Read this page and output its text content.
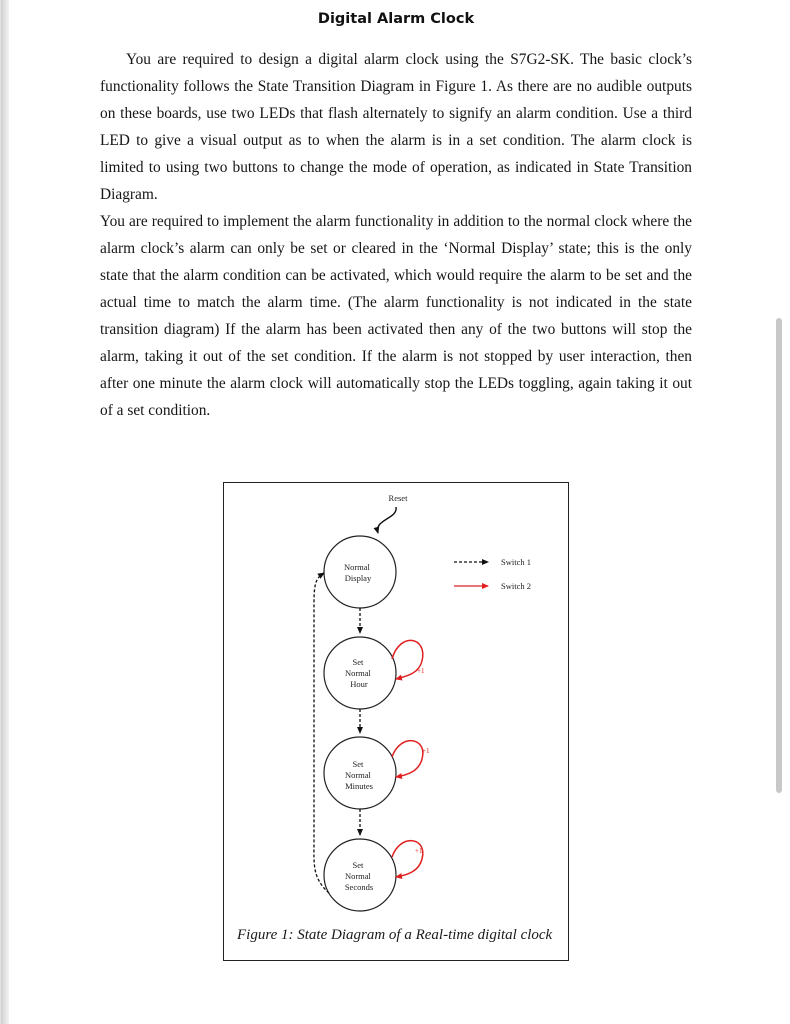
Digital Alarm Clock

You are required to design a digital alarm clock using the S7G2-SK. The basic clock’s functionality follows the State Transition Diagram in Figure 1. As there are no audible outputs on these boards, use two LEDs that flash alternately to signify an alarm condition. Use a third LED to give a visual output as to when the alarm is in a set condition. The alarm clock is limited to using two buttons to change the mode of operation, as indicated in State Transition Diagram.

You are required to implement the alarm functionality in addition to the normal clock where the alarm clock’s alarm can only be set or cleared in the ‘Normal Display’ state; this is the only state that the alarm condition can be activated, which would require the alarm to be set and the actual time to match the alarm time. (The alarm functionality is not indicated in the state transition diagram) If the alarm has been activated then any of the two buttons will stop the alarm, taking it out of the set condition. If the alarm is not stopped by user interaction, then after one minute the alarm clock will automatically stop the LEDs toggling, again taking it out of a set condition.

Reset
Switch 1
Switch 2
Normal Display
Set Normal Hour
Set Normal Minutes
Set Normal Seconds
+1
+1
+1
Figure 1: State Diagram of a Real-time digital clock
